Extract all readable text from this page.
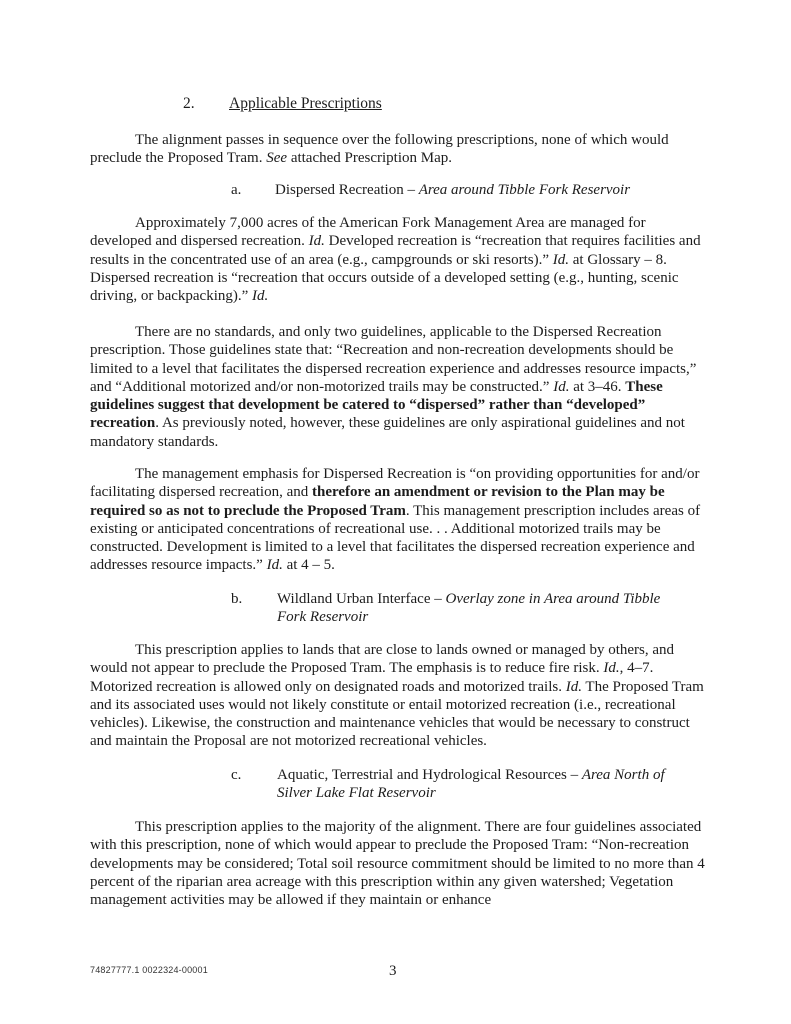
2. Applicable Prescriptions

The alignment passes in sequence over the following prescriptions, none of which would preclude the Proposed Tram. See attached Prescription Map.

a. Dispersed Recreation – Area around Tibble Fork Reservoir

Approximately 7,000 acres of the American Fork Management Area are managed for developed and dispersed recreation. Id. Developed recreation is “recreation that requires facilities and results in the concentrated use of an area (e.g., campgrounds or ski resorts).” Id. at Glossary – 8. Dispersed recreation is “recreation that occurs outside of a developed setting (e.g., hunting, scenic driving, or backpacking).” Id.

There are no standards, and only two guidelines, applicable to the Dispersed Recreation prescription. Those guidelines state that: “Recreation and non-recreation developments should be limited to a level that facilitates the dispersed recreation experience and addresses resource impacts,” and “Additional motorized and/or non-motorized trails may be constructed.” Id. at 3–46. These guidelines suggest that development be catered to “dispersed” rather than “developed” recreation. As previously noted, however, these guidelines are only aspirational guidelines and not mandatory standards.

The management emphasis for Dispersed Recreation is “on providing opportunities for and/or facilitating dispersed recreation, and therefore an amendment or revision to the Plan may be required so as not to preclude the Proposed Tram. This management prescription includes areas of existing or anticipated concentrations of recreational use. . . Additional motorized trails may be constructed. Development is limited to a level that facilitates the dispersed recreation experience and addresses resource impacts.” Id. at 4 – 5.

b. Wildland Urban Interface – Overlay zone in Area around Tibble
Fork Reservoir

This prescription applies to lands that are close to lands owned or managed by others, and would not appear to preclude the Proposed Tram. The emphasis is to reduce fire risk. Id., 4–7. Motorized recreation is allowed only on designated roads and motorized trails. Id. The Proposed Tram and its associated uses would not likely constitute or entail motorized recreation (i.e., recreational vehicles). Likewise, the construction and maintenance vehicles that would be necessary to construct and maintain the Proposal are not motorized recreational vehicles.

c. Aquatic, Terrestrial and Hydrological Resources – Area North of
Silver Lake Flat Reservoir

This prescription applies to the majority of the alignment. There are four guidelines associated with this prescription, none of which would appear to preclude the Proposed Tram: “Non-recreation developments may be considered; Total soil resource commitment should be limited to no more than 4 percent of the riparian area acreage with this prescription within any given watershed; Vegetation management activities may be allowed if they maintain or enhance

74827777.1 0022324-00001	3
